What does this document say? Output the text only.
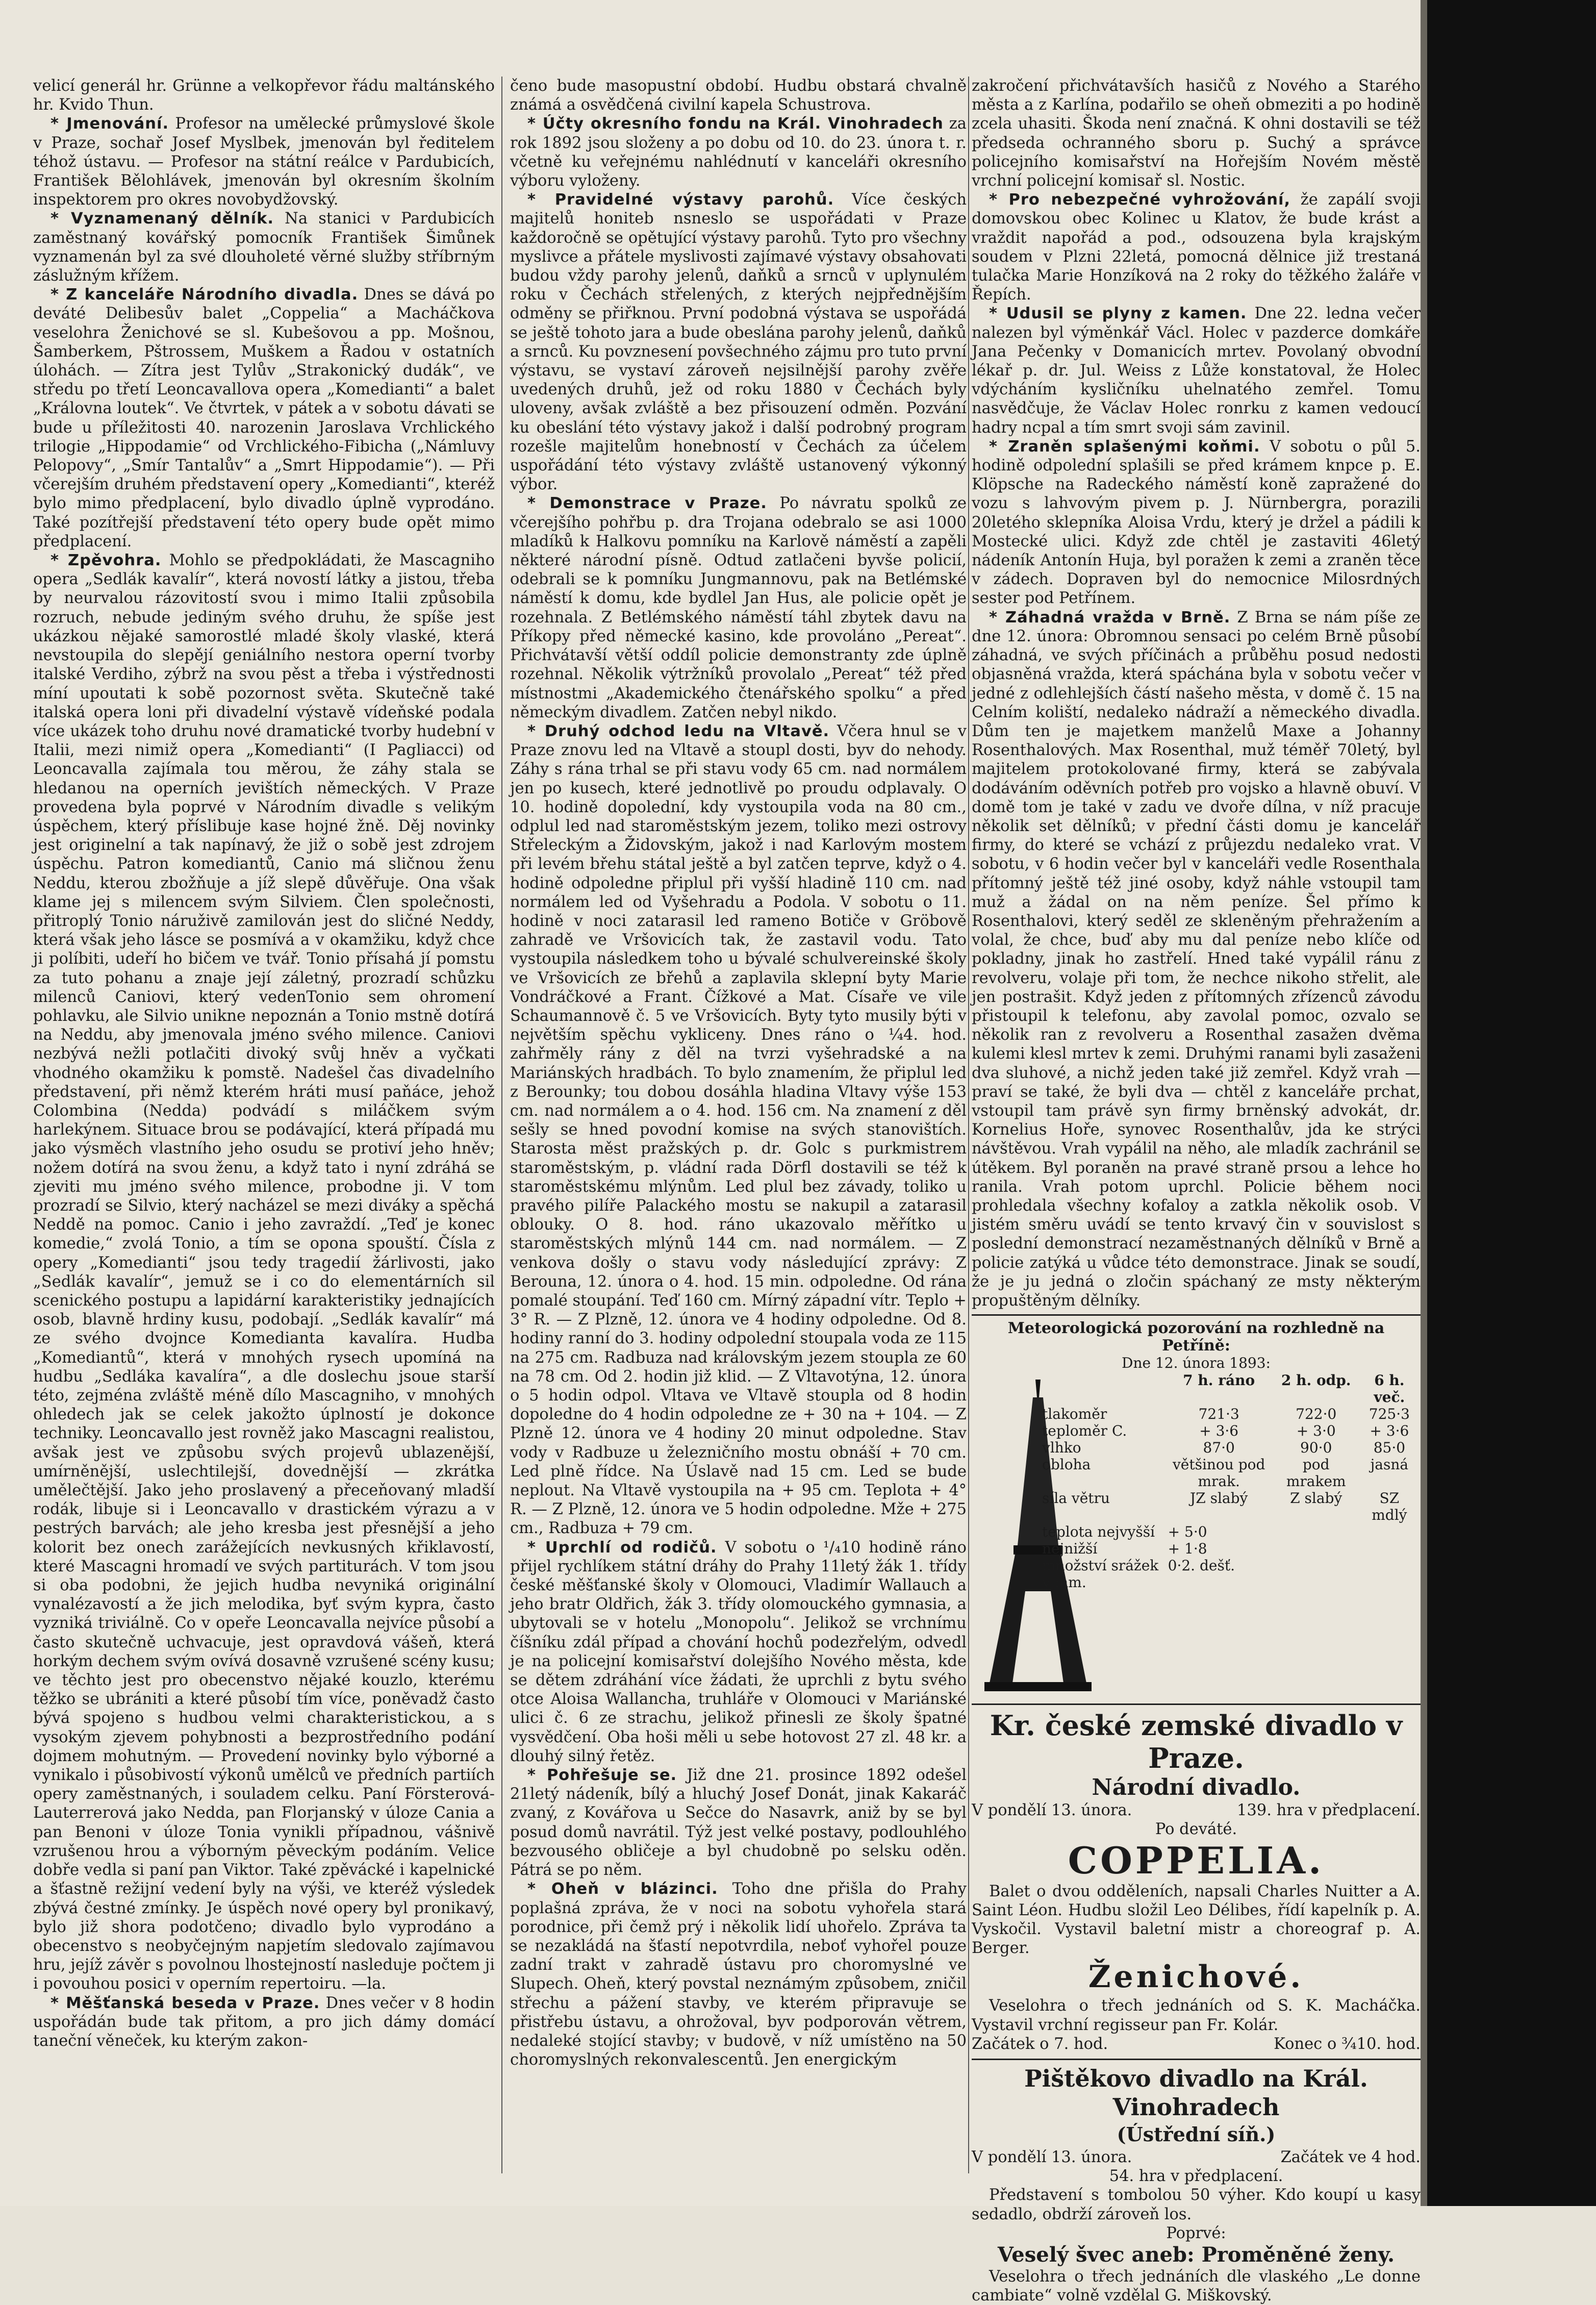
velicí generál hr. Grünne a velkopřevor řádu maltánského hr. Kvido Thun.

* Jmenování. Profesor na umělecké průmyslové škole v Praze, sochař Josef Myslbek, jmenován byl ředitelem téhož ústavu. — Profesor na státní reálce v Pardubicích, František Bělohlávek, jmenován byl okresním školním inspektorem pro okres novobydžovský.

* Vyznamenaný dělník. Na stanici v Pardubicích zaměstnaný kovářský pomocník František Šimůnek vyznamenán byl za své dlouholeté věrné služby stříbrným záslužným křížem.

* Z kanceláře Národního divadla. Dnes se dává po deváté Delibesův balet „Coppelia“ a Macháčkova veselohra Ženichové se sl. Kubešovou a pp. Mošnou, Šamberkem, Pštrossem, Muškem a Řadou v ostatních úlohách. — Zítra jest Tylův „Strakonický dudák“, ve středu po třetí Leoncavallova opera „Komedianti“ a balet „Královna loutek“. Ve čtvrtek, v pátek a v sobotu dávati se bude u příležitosti 40. narozenin Jaroslava Vrchlického trilogie „Hippodamie“ od Vrchlického-Fibicha („Námluvy Pelopovy“, „Smír Tantalův“ a „Smrt Hippodamie“). — Při včerejším druhém představení opery „Komedianti“, kteréž bylo mimo předplacení, bylo divadlo úplně vyprodáno. Také pozítřejší představení této opery bude opět mimo předplacení.

* Zpěvohra. Mohlo se předpokládati, že Mascagniho opera „Sedlák kavalír“, která novostí látky a jistou, třeba by neurvalou rázovitostí svou i mimo Italii způsobila rozruch, nebude jediným svého druhu, že spíše jest ukázkou nějaké samorostlé mladé školy vlaské, která nevstoupila do slepějí geniálního nestora operní tvorby italské Verdiho, zýbrž na svou pěst a třeba i výstřednosti míní upoutati k sobě pozornost světa. Skutečně také italská opera loni při divadelní výstavě vídeňské podala více ukázek toho druhu nové dramatické tvorby hudební v Italii, mezi nimiž opera „Komedianti“ (I Pagliacci) od Leoncavalla zajímala tou měrou, že záhy stala se hledanou na operních jevištích německých. V Praze provedena byla poprvé v Národním divadle s velikým úspěchem, který příslibuje kase hojné žně. Děj novinky jest originelní a tak napínavý, že již o sobě jest zdrojem úspěchu. Patron komediantů, Canio má sličnou ženu Neddu, kterou zbožňuje a jíž slepě důvěřuje. Ona však klame jej s milencem svým Silviem. Člen společnosti, přitroplý Tonio náruživě zamilován jest do sličné Neddy, která však jeho lásce se posmívá a v okamžiku, když chce ji políbiti, udeří ho bičem ve tvář. Tonio přísahá jí pomstu za tuto pohanu a znaje její záletný, prozradí schůzku milenců Caniovi, který vedenTonio sem ohromení pohlavku, ale Silvio unikne nepoznán a Tonio mstně dotírá na Neddu, aby jmenovala jméno svého milence. Caniovi nezbývá nežli potlačiti divoký svůj hněv a vyčkati vhodného okamžiku k pomstě. Nadešel čas divadelního představení, při němž kterém hráti musí paňáce, jehož Colombina (Nedda) podvádí s miláčkem svým harlekýnem. Situace brou se podávající, která případá mu jako výsměch vlastního jeho osudu se protiví jeho hněv; nožem dotírá na svou ženu, a když tato i nyní zdráhá se zjeviti mu jméno svého milence, probodne ji. V tom prozradí se Silvio, který nacházel se mezi diváky a spěchá Neddě na pomoc. Canio i jeho zavraždí. „Teď je konec komedie,“ zvolá Tonio, a tím se opona spouští. Čísla z opery „Komedianti“ jsou tedy tragedií žárlivosti, jako „Sedlák kavalír“, jemuž se i co do elementárních sil scenického postupu a lapidární karakteristiky jednajících osob, blavně hrdiny kusu, podobají. „Sedlák kavalír“ má ze svého dvojnce Komedianta kavalíra. Hudba „Komediantů“, která v mnohých rysech upomíná na hudbu „Sedláka kavalíra“, a dle doslechu jsoue starší této, zejména zvláště méně dílo Mascagniho, v mnohých ohledech jak se celek jakožto úplností je dokonce techniky. Leoncavallo jest rovněž jako Mascagni realistou, avšak jest ve způsobu svých projevů ublazenější, umírněnější, uslechtilejší, dovednější — zkrátka umělečtější. Jako jeho proslavený a přeceňovaný mladší rodák, libuje si i Leoncavallo v drastickém výrazu a v pestrých barvách; ale jeho kresba jest přesnější a jeho kolorit bez onech zarážejících nevkusných křiklavostí, které Mascagni hromadí ve svých partiturách. V tom jsou si oba podobni, že jejich hudba nevyniká originální vynalézavostí a že jich melodika, byť svým kypra, často vyzniká triviálně. Co v opeře Leoncavalla nejvíce působí a často skutečně uchvacuje, jest opravdová vášeň, která horkým dechem svým ovívá dosavně vzrušené scény kusu; ve těchto jest pro obecenstvo nějaké kouzlo, kterému těžko se ubrániti a které působí tím více, poněvadž často bývá spojeno s hudbou velmi charakteristickou, a s vysokým zjevem pohybnosti a bezprostředního podání dojmem mohutným. — Provedení novinky bylo výborné a vynikalo i působivostí výkonů umělců ve předních partiích opery zaměstnaných, i souladem celku. Paní Försterová-Lauterrerová jako Nedda, pan Florjanský v úloze Cania a pan Benoni v úloze Tonia vynikli případnou, vášnivě vzrušenou hrou a výborným pěveckým podáním. Velice dobře vedla si paní pan Viktor. Také zpěvácké i kapelnické a šťastně režijní vedení byly na výši, ve kteréž výsledek zbývá čestné zmínky. Je úspěch nové opery byl pronikavý, bylo již shora podotčeno; divadlo bylo vyprodáno a obecenstvo s neobyčejným napjetím sledovalo zajímavou hru, jejíž závěr s povolnou lhostejností nasleduje počtem ji i povouhou posici v operním repertoiru. —la.

* Měšťanská beseda v Praze. Dnes večer v 8 hodin uspořádán bude tak přitom, a pro jich dámy domácí taneční věneček, ku kterým zakon-

čeno bude masopustní období. Hudbu obstará chvalně známá a osvědčená civilní kapela Schustrova.

* Účty okresního fondu na Král. Vinohradech za rok 1892 jsou složeny a po dobu od 10. do 23. února t. r. včetně ku veřejnému nahlédnutí v kanceláři okresního výboru vyloženy.

* Pravidelné výstavy parohů. Více českých majitelů honiteb nsneslo se uspořádati v Praze každoročně se opětující výstavy parohů. Tyto pro všechny myslivce a přátele myslivosti zajímavé výstavy obsahovati budou vždy parohy jelenů, daňků a srnců v uplynulém roku v Čechách střelených, z kterých nejpřednějším odměny se přiřknou. První podobná výstava se uspořádá se ještě tohoto jara a bude obeslána parohy jelenů, daňků a srnců. Ku povznesení povšechného zájmu pro tuto první výstavu, se vystaví zároveň nejsilnější parohy zvěře uvedených druhů, jež od roku 1880 v Čechách byly uloveny, avšak zvláště a bez přisouzení odměn. Pozvání ku obeslání této výstavy jakož i další podrobný program rozešle majitelům honebností v Čechách za účelem uspořádání této výstavy zvláště ustanovený výkonný výbor.

* Demonstrace v Praze. Po návratu spolků ze včerejšího pohřbu p. dra Trojana odebralo se asi 1000 mladíků k Halkovu pomníku na Karlově náměstí a zapěli některé národní písně. Odtud zatlačeni byvše policií, odebrali se k pomníku Jungmannovu, pak na Betlémské náměstí k domu, kde bydlel Jan Hus, ale policie opět je rozehnala. Z Betlémského náměstí táhl zbytek davu na Příkopy před německé kasino, kde provoláno „Pereat“. Přichvátavší větší oddíl policie demonstranty zde úplně rozehnal. Několik výtržníků provolalo „Pereat“ též před místnostmi „Akademického čtenářského spolku“ a před německým divadlem. Zatčen nebyl nikdo.

* Druhý odchod ledu na Vltavě. Včera hnul se v Praze znovu led na Vltavě a stoupl dosti, byv do nehody. Záhy s rána trhal se při stavu vody 65 cm. nad normálem jen po kusech, které jednotlivě po proudu odplavaly. O 10. hodině dopolední, kdy vystoupila voda na 80 cm., odplul led nad staroměstským jezem, toliko mezi ostrovy Střeleckým a Židovským, jakož i nad Karlovým mostem při levém břehu státal ještě a byl zatčen teprve, když o 4. hodině odpoledne připlul při vyšší hladině 110 cm. nad normálem led od Vyšehradu a Podola. V sobotu o 11. hodině v noci zatarasil led rameno Botiče v Gröbově zahradě ve Vršovicích tak, že zastavil vodu. Tato vystoupila následkem toho u bývalé schulvereinské školy ve Vršovicích ze břehů a zaplavila sklepní byty Marie Vondráčkové a Frant. Čížkové a Mat. Císaře ve vile Schaumannově č. 5 ve Vršovicích. Byty tyto musily býti v největším spěchu vykliceny. Dnes ráno o ¼4. hod. zahřměly rány z děl na tvrzi vyšehradské a na Mariánských hradbách. To bylo znamením, že připlul led z Berounky; tou dobou dosáhla hladina Vltavy výše 153 cm. nad normálem a o 4. hod. 156 cm. Na znamení z děl sešly se hned povodní komise na svých stanovištích. Starosta měst pražských p. dr. Golc s purkmistrem staroměstským, p. vládní rada Dörfl dostavili se též k staroměstskému mlýnům. Led plul bez závady, toliko u pravého pilíře Palackého mostu se nakupil a zatarasil oblouky. O 8. hod. ráno ukazovalo měřítko u staroměstských mlýnů 144 cm. nad normálem. — Z venkova došly o stavu vody následující zprávy: Z Berouna, 12. února o 4. hod. 15 min. odpoledne. Od rána pomalé stoupání. Teď 160 cm. Mírný západní vítr. Teplo + 3° R. — Z Plzně, 12. února ve 4 hodiny odpoledne. Od 8. hodiny ranní do 3. hodiny odpolední stoupala voda ze 115 na 275 cm. Radbuza nad královským jezem stoupla ze 60 na 78 cm. Od 2. hodin již klid. — Z Vltavotýna, 12. února o 5 hodin odpol. Vltava ve Vltavě stoupla od 8 hodin dopoledne do 4 hodin odpoledne ze + 30 na + 104. — Z Plzně 12. února ve 4 hodiny 20 minut odpoledne. Stav vody v Radbuze u železničního mostu obnáší + 70 cm. Led plně řídce. Na Úslavě nad 15 cm. Led se bude neplout. Na Vltavě vystoupila na + 95 cm. Teplota + 4° R. — Z Plzně, 12. února ve 5 hodin odpoledne. Mže + 275 cm., Radbuza + 79 cm.

* Uprchlí od rodičů. V sobotu o ¹/₄10 hodině ráno přijel rychlíkem státní dráhy do Prahy 11letý žák 1. třídy české měšťanské školy v Olomouci, Vladimír Wallauch a jeho bratr Oldřich, žák 3. třídy olomouckého gymnasia, a ubytovali se v hotelu „Monopolu“. Jelikož se vrchnímu číšníku zdál případ a chování hochů podezřelým, odvedl je na policejní komisařství dolejšího Nového města, kde se dětem zdráhání více žádati, že uprchli z bytu svého otce Aloisa Wallancha, truhláře v Olomouci v Mariánské ulici č. 6 ze strachu, jelikož přinesli ze školy špatné vysvědčení. Oba hoši měli u sebe hotovost 27 zl. 48 kr. a dlouhý silný řetěz.

* Pohřešuje se. Již dne 21. prosince 1892 odešel 21letý nádeník, bílý a hluchý Josef Donát, jinak Kakaráč zvaný, z Kovářova u Sečce do Nasavrk, aniž by se byl posud domů navrátil. Týž jest velké postavy, podlouhlého bezvousého obličeje a byl chudobně po selsku oděn. Pátrá se po něm.

* Oheň v blázinci. Toho dne přišla do Prahy poplašná zpráva, že v noci na sobotu vyhořela stará porodnice, při čemž prý i několik lidí uhořelo. Zpráva ta se nezakládá na šťastí nepotvrdila, neboť vyhořel pouze zadní trakt v zahradě ústavu pro choromyslné ve Slupech. Oheň, který povstal neznámým způsobem, zničil střechu a pážení stavby, ve kterém připravuje se přistřebu ústavu, a ohrožoval, byv podporován větrem, nedaleké stojící stavby; v budově, v níž umístěno na 50 choromyslných rekonvalescentů. Jen energickým

zakročení přichvátavších hasičů z Nového a Starého města a z Karlína, podařilo se oheň obmeziti a po hodině zcela uhasiti. Škoda není značná. K ohni dostavili se též předseda ochranného sboru p. Suchý a správce policejního komisařství na Hořejším Novém městě vrchní policejní komisař sl. Nostic.

* Pro nebezpečné vyhrožování, že zapálí svoji domovskou obec Kolinec u Klatov, že bude krást a vraždit napořád a pod., odsouzena byla krajským soudem v Plzni 22letá, pomocná dělnice již trestaná tulačka Marie Honzíková na 2 roky do těžkého žaláře v Řepích.

* Udusil se plyny z kamen. Dne 22. ledna večer nalezen byl výměnkář Václ. Holec v pazderce domkáře Jana Pečenky v Domanicích mrtev. Povolaný obvodní lékař p. dr. Jul. Weiss z Lůže konstatoval, že Holec vdýcháním kysličníku uhelnatého zemřel. Tomu nasvědčuje, že Václav Holec ronrku z kamen vedoucí hadry ncpal a tím smrt svoji sám zavinil.

* Zraněn splašenými koňmi. V sobotu o půl 5. hodině odpolední splašili se před krámem knpce p. E. Klöpsche na Radeckého náměstí koně zapražené do vozu s lahvovým pivem p. J. Nürnbergra, porazili 20letého sklepníka Aloisa Vrdu, který je držel a pádili k Mostecké ulici. Když zde chtěl je zastaviti 46letý nádeník Antonín Huja, byl poražen k zemi a zraněn těce v zádech. Dopraven byl do nemocnice Milosrdných sester pod Petřínem.

* Záhadná vražda v Brně. Z Brna se nám píše ze dne 12. února: Obromnou sensaci po celém Brně působí záhadná, ve svých příčinách a průběhu posud nedosti objasněná vražda, která spáchána byla v sobotu večer v jedné z odlehlejších částí našeho města, v domě č. 15 na Celním koliští, nedaleko nádraží a německého divadla. Dům ten je majetkem manželů Maxe a Johanny Rosenthalových. Max Rosenthal, muž téměř 70letý, byl majitelem protokolované firmy, která se zabývala dodáváním oděvních potřeb pro vojsko a hlavně obuví. V domě tom je také v zadu ve dvoře dílna, v níž pracuje několik set dělníků; v přední části domu je kancelář firmy, do které se vchází z průjezdu nedaleko vrat. V sobotu, v 6 hodin večer byl v kanceláři vedle Rosenthala přítomný ještě též jiné osoby, když náhle vstoupil tam muž a žádal on na něm peníze. Šel přímo k Rosenthalovi, který seděl ze skleněným přehražením a volal, že chce, buď aby mu dal peníze nebo klíče od pokladny, jinak ho zastřelí. Hned také vypálil ránu z revolveru, volaje při tom, že nechce nikoho střelit, ale jen postrašit. Když jeden z přítomných zřízenců závodu přistoupil k telefonu, aby zavolal pomoc, ozvalo se několik ran z revolveru a Rosenthal zasažen dvěma kulemi klesl mrtev k zemi. Druhými ranami byli zasaženi dva sluhové, a nichž jeden také již zemřel. Když vrah — praví se také, že byli dva — chtěl z kanceláře prchat, vstoupil tam právě syn firmy brněnský advokát, dr. Kornelius Hoře, synovec Rosenthalův, jda ke strýci návštěvou. Vrah vypálil na něho, ale mladík zachránil se útěkem. Byl poraněn na pravé straně prsou a lehce ho ranila. Vrah potom uprchl. Policie během noci prohledala všechny kofaloy a zatkla několik osob. V jistém směru uvádí se tento krvavý čin v souvislost s poslední demonstrací nezaměstnaných dělníků v Brně a policie zatýká u vůdce této demonstrace. Jinak se soudí, že je ju jedná o zločin spáchaný ze msty některým propuštěným dělníky.

Meteorologická pozorování na rozhledně na Petříně:
Dne 12. února 1893:
	7 h. ráno	2 h. odp.	6 h. več.
tlakoměr	721·3	722·0	725·3
teploměr C.	+ 3·6	+ 3·0	+ 3·6
vlhko	87·0	90·0	85·0
obloha	většinou pod mrak.	pod mrakem	jasná
síla větru	JZ slabý	Z slabý	SZ mdlý
teplota nejvyšší	+ 5·0		
nejnižší	+ 1·8		
množství srážek v mm.	0·2. dešť.		
Kr. české zemské divadlo v Praze.
Národní divadlo.
V pondělí 13. února.	139. hra v předplacení.
Po deváté.
COPPELIA.

Balet o dvou odděleních, napsali Charles Nuitter a A. Saint Léon. Hudbu složil Leo Délibes, řídí kapelník p. A. Vyskočil. Vystavil baletní mistr a choreograf p. A. Berger.

Ženichové.

Veselohra o třech jednáních od S. K. Macháčka. Vystavil vrchní regisseur pan Fr. Kolár.

Začátek o 7. hod.	Konec o ¾10. hod.
Pištěkovo divadlo na Král. Vinohradech
(Ústřední síň.)
V pondělí 13. února.	Začátek ve 4 hod.
54. hra v předplacení.

Představení s tombolou 50 výher. Kdo koupí u kasy sedadlo, obdrží zároveň los.

Poprvé:
Veselý švec aneb: Proměněné ženy.

Veselohra o třech jednáních dle vlaského „Le donne cambiate“ volně vzdělal G. Miškovský.
